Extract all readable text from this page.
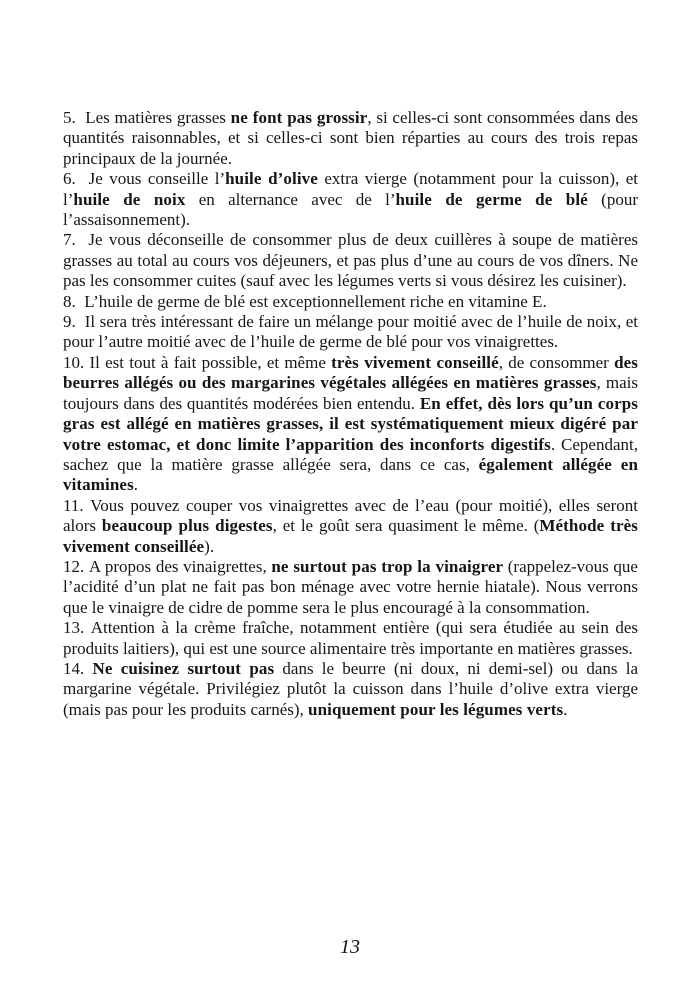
5.  Les matières grasses ne font pas grossir, si celles-ci sont consommées dans des quantités raisonnables, et si celles-ci sont bien réparties au cours des trois repas principaux de la journée.

6.  Je vous conseille l’huile d’olive extra vierge (notamment pour la cuisson), et l’huile de noix en alternance avec de l’huile de germe de blé (pour l’assaisonnement).

7.  Je vous déconseille de consommer plus de deux cuillères à soupe de matières grasses au total au cours vos déjeuners, et pas plus d’une au cours de vos dîners. Ne pas les consommer cuites (sauf avec les légumes verts si vous désirez les cuisiner).

8.  L’huile de germe de blé est exceptionnellement riche en vitamine E.

9.  Il sera très intéressant de faire un mélange pour moitié avec de l’huile de noix, et pour l’autre moitié avec de l’huile de germe de blé pour vos vinaigrettes.

10. Il est tout à fait possible, et même très vivement conseillé, de consommer des beurres allégés ou des margarines végétales allégées en matières grasses, mais toujours dans des quantités modérées bien entendu. En effet, dès lors qu’un corps gras est allégé en matières grasses, il est systématiquement mieux digéré par votre estomac, et donc limite l’apparition des inconforts digestifs. Cependant, sachez que la matière grasse allégée sera, dans ce cas, également allégée en vitamines.

11. Vous pouvez couper vos vinaigrettes avec de l’eau (pour moitié), elles seront alors beaucoup plus digestes, et le goût sera quasiment le même. (Méthode très vivement conseillée).

12. A propos des vinaigrettes, ne surtout pas trop la vinaigrer (rappelez-vous que l’acidité d’un plat ne fait pas bon ménage avec votre hernie hiatale). Nous verrons que le vinaigre de cidre de pomme sera le plus encouragé à la consommation.

13. Attention à la crème fraîche, notamment entière (qui sera étudiée au sein des produits laitiers), qui est une source alimentaire très importante en matières grasses.

14. Ne cuisinez surtout pas dans le beurre (ni doux, ni demi-sel) ou dans la margarine végétale. Privilégiez plutôt la cuisson dans l’huile d’olive extra vierge (mais pas pour les produits carnés), uniquement pour les légumes verts.

13
